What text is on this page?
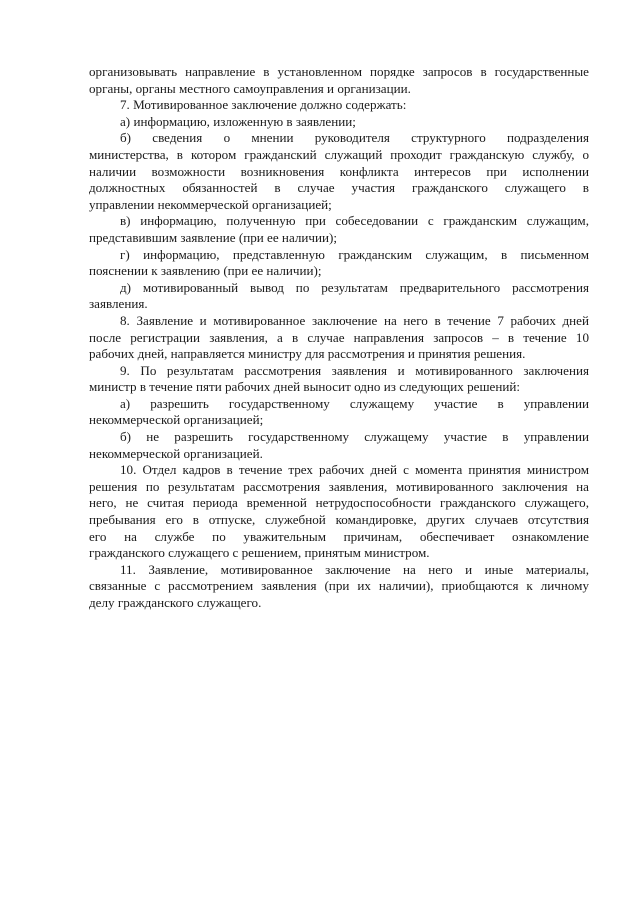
организовывать направление в установленном порядке запросов в государственные
органы, органы местного самоуправления и организации.
7. Мотивированное заключение должно содержать:
а) информацию, изложенную в заявлении;
б) сведения о мнении руководителя структурного подразделения
министерства, в котором гражданский служащий проходит гражданскую службу, о
наличии возможности возникновения конфликта интересов при исполнении
должностных обязанностей в случае участия гражданского служащего в
управлении некоммерческой организацией;
в) информацию, полученную при собеседовании с гражданским служащим,
представившим заявление (при ее наличии);
г) информацию, представленную гражданским служащим, в письменном
пояснении к заявлению (при ее наличии);
д) мотивированный вывод по результатам предварительного рассмотрения
заявления.
8. Заявление и мотивированное заключение на него в течение 7 рабочих дней
после регистрации заявления, а в случае направления запросов – в течение 10
рабочих дней, направляется министру для рассмотрения и принятия решения.
9. По результатам рассмотрения заявления и мотивированного заключения
министр в течение пяти рабочих дней выносит одно из следующих решений:
а) разрешить государственному служащему участие в управлении
некоммерческой организацией;
б) не разрешить государственному служащему участие в управлении
некоммерческой организацией.
10. Отдел кадров в течение трех рабочих дней с момента принятия министром
решения по результатам рассмотрения заявления, мотивированного заключения на
него, не считая периода временной нетрудоспособности гражданского служащего,
пребывания его в отпуске, служебной командировке, других случаев отсутствия
его на службе по уважительным причинам, обеспечивает ознакомление
гражданского служащего с решением, принятым министром.
11. Заявление, мотивированное заключение на него и иные материалы,
связанные с рассмотрением заявления (при их наличии), приобщаются к личному
делу гражданского служащего.
